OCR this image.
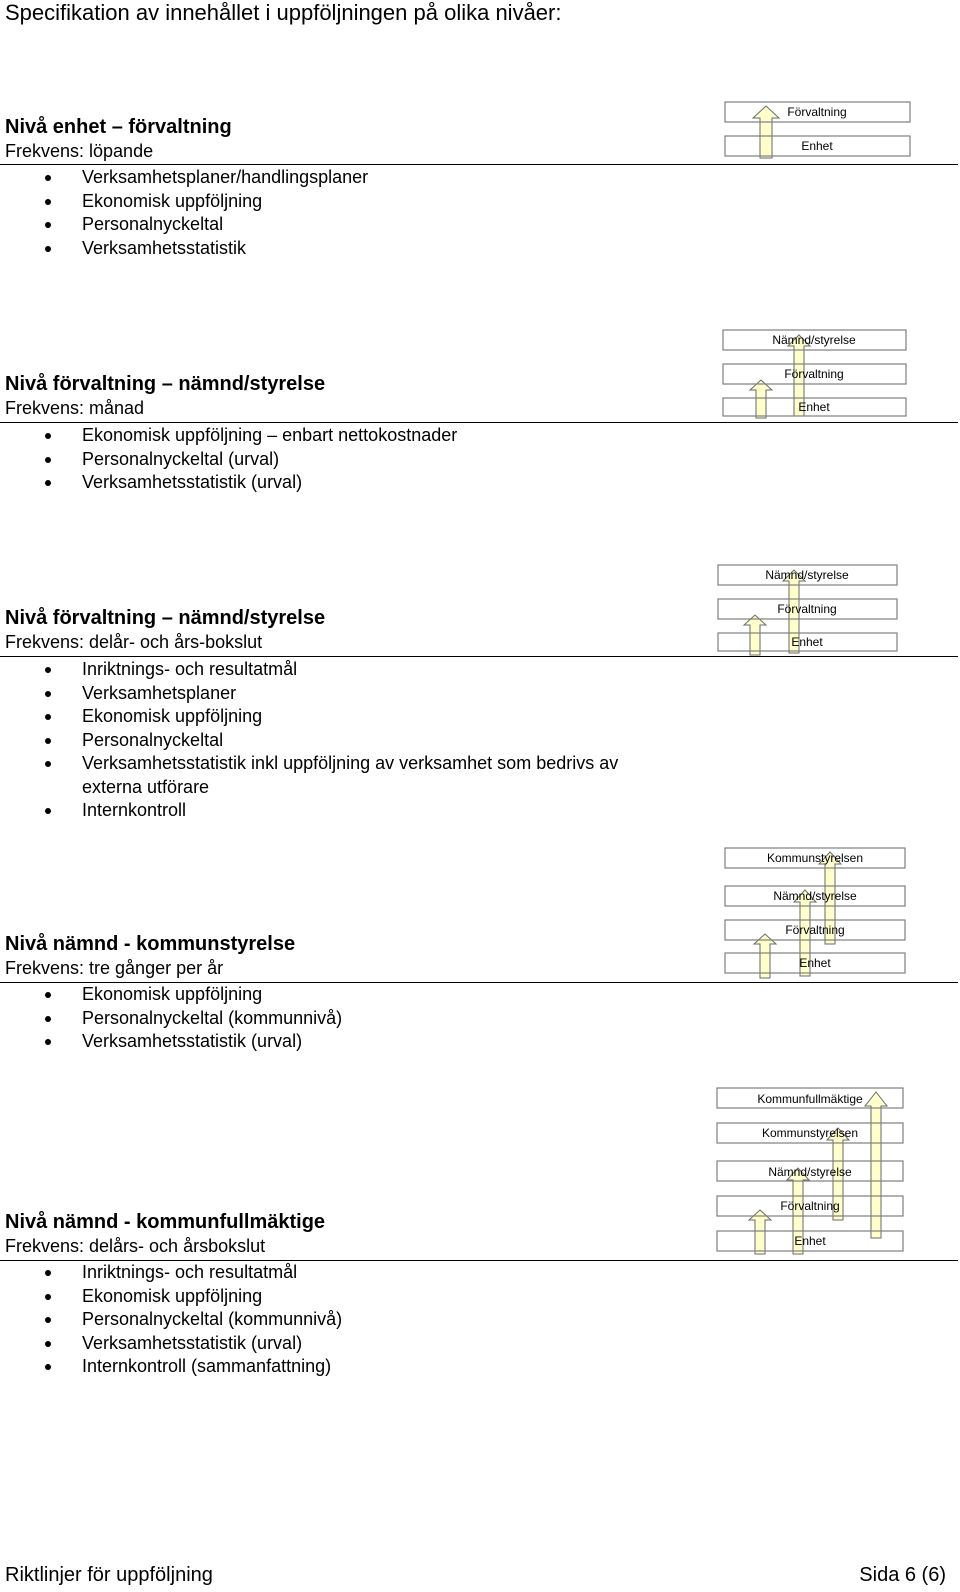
Specifikation av innehållet i uppföljningen på olika nivåer:
Nivå enhet – förvaltning
Frekvens: löpande
Verksamhetsplaner/handlingsplaner
Ekonomisk uppföljning
Personalnyckeltal
Verksamhetsstatistik
Förvaltning
Enhet
Nivå förvaltning – nämnd/styrelse
Frekvens: månad
Ekonomisk uppföljning – enbart nettokostnader
Personalnyckeltal (urval)
Verksamhetsstatistik (urval)
Nämnd/styrelse
Förvaltning
Enhet
Nivå förvaltning – nämnd/styrelse
Frekvens: delår- och års-bokslut
Inriktnings- och resultatmål
Verksamhetsplaner
Ekonomisk uppföljning
Personalnyckeltal
Verksamhetsstatistik inkl uppföljning av verksamhet som bedrivs av externa utförare
Internkontroll
Nämnd/styrelse
Förvaltning
Enhet
Nivå nämnd - kommunstyrelse
Frekvens: tre gånger per år
Ekonomisk uppföljning
Personalnyckeltal (kommunnivå)
Verksamhetsstatistik (urval)
Kommunstyrelsen
Nämnd/styrelse
Förvaltning
Enhet
Nivå nämnd - kommunfullmäktige
Frekvens: delårs- och årsbokslut
Inriktnings- och resultatmål
Ekonomisk uppföljning
Personalnyckeltal (kommunnivå)
Verksamhetsstatistik (urval)
Internkontroll (sammanfattning)
Kommunfullmäktige
Kommunstyrelsen
Nämnd/styrelse
Förvaltning
Enhet
Riktlinjer för uppföljning	Sida 6 (6)
